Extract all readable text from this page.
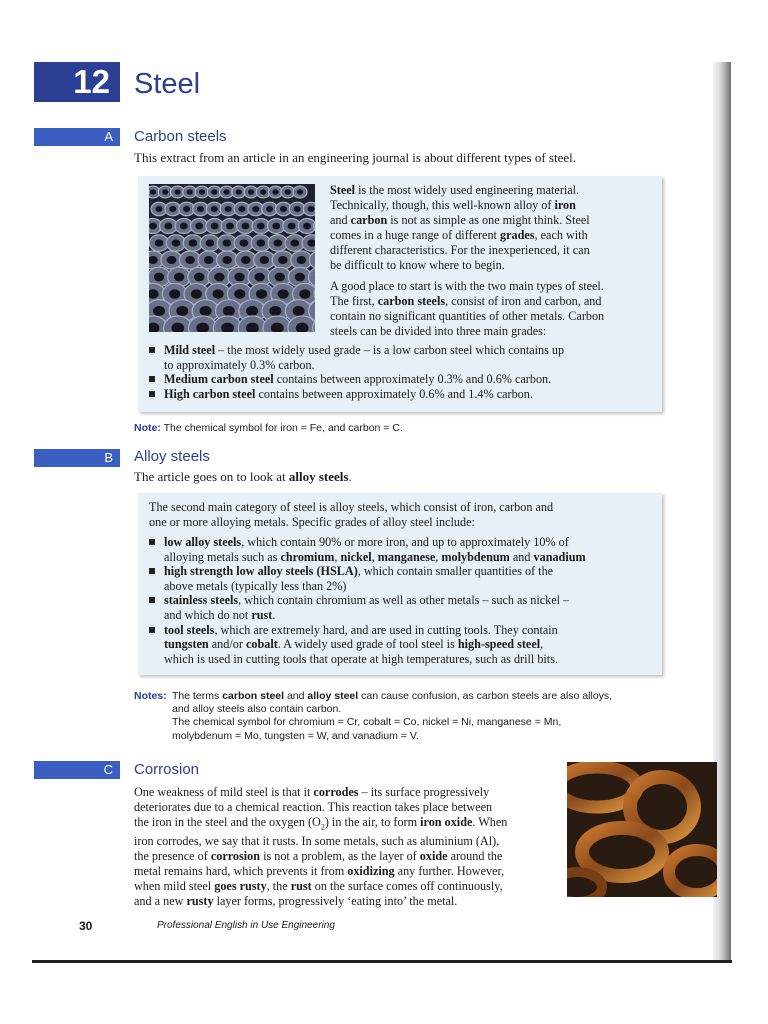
12 Steel
A	Carbon steels
This extract from an article in an engineering journal is about different types of steel.
Steel is the most widely used engineering material.
Technically, though, this well-known alloy of iron
and carbon is not as simple as one might think. Steel
comes in a huge range of different grades, each with
different characteristics. For the inexperienced, it can
be difficult to know where to begin.
A good place to start is with the two main types of steel.
The first, carbon steels, consist of iron and carbon, and
contain no significant quantities of other metals. Carbon
steels can be divided into three main grades:
Mild steel – the most widely used grade – is a low carbon steel which contains up
to approximately 0.3% carbon.
Medium carbon steel contains between approximately 0.3% and 0.6% carbon.
High carbon steel contains between approximately 0.6% and 1.4% carbon.
Note: The chemical symbol for iron = Fe, and carbon = C.
B	Alloy steels
The article goes on to look at alloy steels.
The second main category of steel is alloy steels, which consist of iron, carbon and
one or more alloying metals. Specific grades of alloy steel include:
low alloy steels, which contain 90% or more iron, and up to approximately 10% of
alloying metals such as chromium, nickel, manganese, molybdenum and vanadium
high strength low alloy steels (HSLA), which contain smaller quantities of the
above metals (typically less than 2%)
stainless steels, which contain chromium as well as other metals – such as nickel –
and which do not rust.
tool steels, which are extremely hard, and are used in cutting tools. They contain
tungsten and/or cobalt. A widely used grade of tool steel is high-speed steel,
which is used in cutting tools that operate at high temperatures, such as drill bits.
Notes: The terms carbon steel and alloy steel can cause confusion, as carbon steels are also alloys,
and alloy steels also contain carbon.
The chemical symbol for chromium = Cr, cobalt = Co, nickel = Ni, manganese = Mn,
molybdenum = Mo, tungsten = W, and vanadium = V.
C	Corrosion
One weakness of mild steel is that it corrodes – its surface progressively
deteriorates due to a chemical reaction. This reaction takes place between
the iron in the steel and the oxygen $(O_2)$ in the air, to form iron oxide. When
iron corrodes, we say that it rusts. In some metals, such as aluminium (Al),
the presence of corrosion is not a problem, as the layer of oxide around the
metal remains hard, which prevents it from oxidizing any further. However,
when mild steel goes rusty, the rust on the surface comes off continuously,
and a new rusty layer forms, progressively ‘eating into’ the metal.
30	Professional English in Use Engineering
